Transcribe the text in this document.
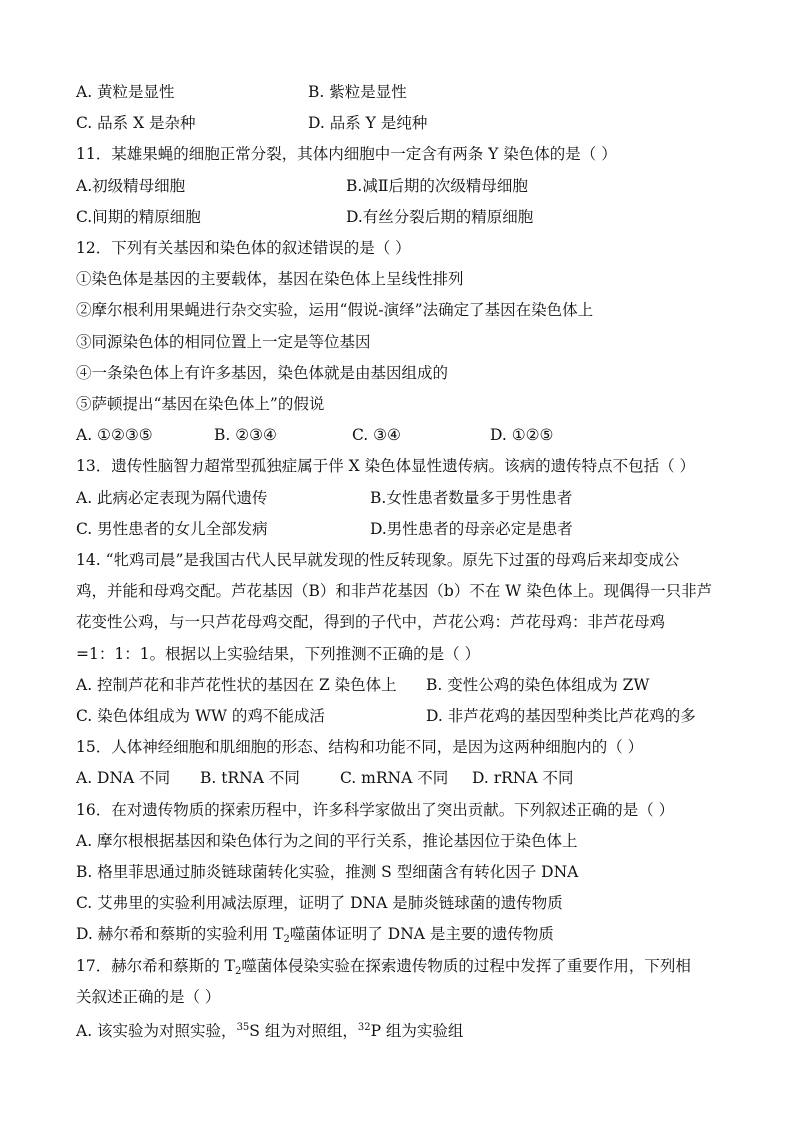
A. 黄粒是显性	B. 紫粒是显性
C. 品系 X 是杂种	D. 品系 Y 是纯种
11．某雄果蝇的细胞正常分裂，其体内细胞中一定含有两条 Y 染色体的是（ ）
A.初级精母细胞	B.减Ⅱ后期的次级精母细胞
C.间期的精原细胞	D.有丝分裂后期的精原细胞
12．下列有关基因和染色体的叙述错误的是（ ）
①染色体是基因的主要载体，基因在染色体上呈线性排列
②摩尔根利用果蝇进行杂交实验，运用“假说-演绎”法确定了基因在染色体上
③同源染色体的相同位置上一定是等位基因
④一条染色体上有许多基因，染色体就是由基因组成的
⑤萨顿提出“基因在染色体上”的假说
A. ①②③⑤	B. ②③④	C. ③④	D. ①②⑤
13．遗传性脑智力超常型孤独症属于伴 X 染色体显性遗传病。该病的遗传特点不包括（ ）
A. 此病必定表现为隔代遗传	B.女性患者数量多于男性患者
C. 男性患者的女儿全部发病	D.男性患者的母亲必定是患者
14. “牝鸡司晨”是我国古代人民早就发现的性反转现象。原先下过蛋的母鸡后来却变成公
鸡，并能和母鸡交配。芦花基因（B）和非芦花基因（b）不在 W 染色体上。现偶得一只非芦
花变性公鸡，与一只芦花母鸡交配，得到的子代中，芦花公鸡：芦花母鸡：非芦花母鸡
=1：1：1。根据以上实验结果，下列推测不正确的是（ ）
A. 控制芦花和非芦花性状的基因在 Z 染色体上 B. 变性公鸡的染色体组成为 ZW
C. 染色体组成为 WW 的鸡不能成活	D. 非芦花鸡的基因型种类比芦花鸡的多
15．人体神经细胞和肌细胞的形态、结构和功能不同，是因为这两种细胞内的（ ）
A. DNA 不同 B. tRNA 不同	C. mRNA 不同 D. rRNA 不同
16．在对遗传物质的探索历程中，许多科学家做出了突出贡献。下列叙述正确的是（ ）
A. 摩尔根根据基因和染色体行为之间的平行关系，推论基因位于染色体上
B. 格里菲思通过肺炎链球菌转化实验，推测 S 型细菌含有转化因子 DNA
C. 艾弗里的实验利用减法原理，证明了 DNA 是肺炎链球菌的遗传物质
D. 赫尔希和蔡斯的实验利用 $T_2$噬菌体证明了 DNA 是主要的遗传物质
17．赫尔希和蔡斯的 $T_2$噬菌体侵染实验在探索遗传物质的过程中发挥了重要作用，下列相
关叙述正确的是（ ）
A. 该实验为对照实验，$^{35}$S 组为对照组，$^{32}$P 组为实验组
